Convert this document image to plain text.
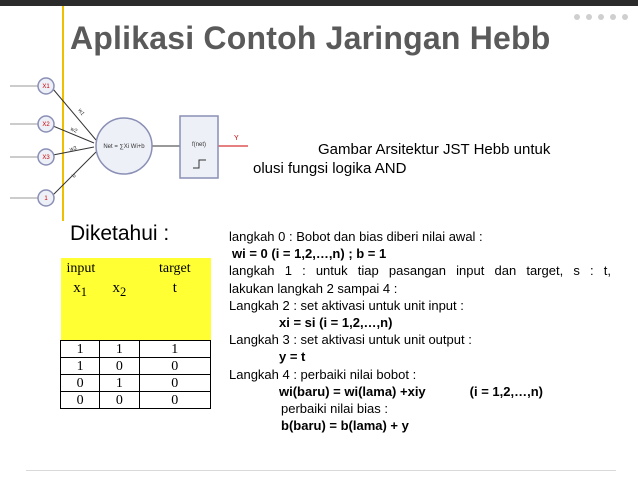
Aplikasi Contoh Jaringan Hebb
X1
X2
X3
1
w1
w2
w3
b
Net = ∑Xi Wi+b	f(net)
Y
Gambar Arsitektur JST Hebb untuk
olusi fungsi logika AND
Diketahui :
input		target
$x_1$	$x_2$	t
1	1	1
1	0	0
0	1	0
0	0	0
langkah 0 : Bobot dan bias diberi nilai awal :
wi = 0 (i = 1,2,…,n) ; b = 1
langkah 1 : untuk tiap pasangan input dan target, s : t,
lakukan langkah 2 sampai 4 :
Langkah 2 : set aktivasi untuk unit input :
xi = si (i = 1,2,…,n)
Langkah 3 : set aktivasi untuk unit output :
y = t
Langkah 4 : perbaiki nilai bobot :
wi(baru) = wi(lama) +xiy	(i = 1,2,…,n)
perbaiki nilai bias :
b(baru) = b(lama) + y
